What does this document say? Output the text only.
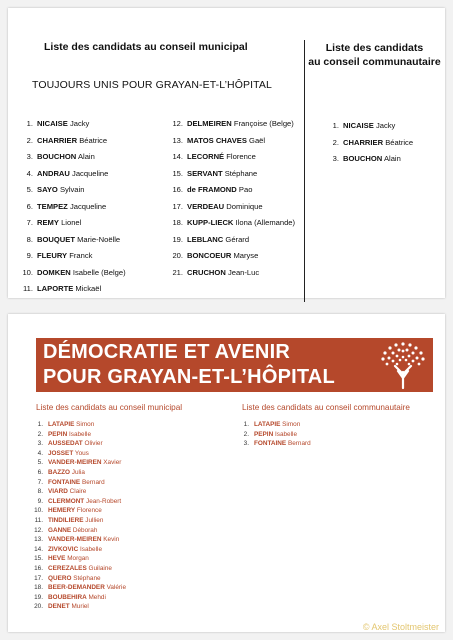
Liste des candidats au conseil municipal
TOUJOURS UNIS POUR GRAYAN-ET-L’HÔPITAL
Liste des candidats
au conseil communautaire
1. NICAISE Jacky
2. CHARRIER Béatrice
3. BOUCHON Alain
4. ANDRAU Jacqueline
5. SAYO Sylvain
6. TEMPEZ Jacqueline
7. REMY Lionel
8. BOUQUET Marie-Noëlle
9. FLEURY Franck
10. DOMKEN Isabelle (Belge)
11. LAPORTE Mickaël
12. DELMEIREN Françoise (Belge)
13. MATOS CHAVES Gaël
14. LECORNÉ Florence
15. SERVANT Stéphane
16. de FRAMOND Pao
17. VERDEAU Dominique
18. KUPP-LIECK Ilona (Allemande)
19. LEBLANC Gérard
20. BONCOEUR Maryse
21. CRUCHON Jean-Luc
1. NICAISE Jacky
2. CHARRIER Béatrice
3. BOUCHON Alain
DÉMOCRATIE ET AVENIR
POUR GRAYAN-ET-L’HÔPITAL
Liste des candidats au conseil municipal	Liste des candidats au conseil communautaire
1. LATAPIE Simon
2. PEPIN Isabelle
3. AUSSEDAT Olivier
4. JOSSET Yous
5. VANDER-MEIREN Xavier
6. BAZZO Julia
7. FONTAINE Bernard
8. VIARD Claire
9. CLERMONT Jean-Robert
10. HEMERY Florence
11. TINDILIERE Jullien
12. GANNE Déborah
13. VANDER-MEIREN Kevin
14. ZIVKOVIC Isabelle
15. HEVE Morgan
16. CEREZALES Guilaine
17. QUERO Stéphane
18. BEER-DEMANDER Valérie
19. BOUBEHIRA Mehdi
20. DENET Muriel
1. LATAPIE Simon
2. PEPIN Isabelle
3. FONTAINE Bernard
© Axel Stoltmeister
